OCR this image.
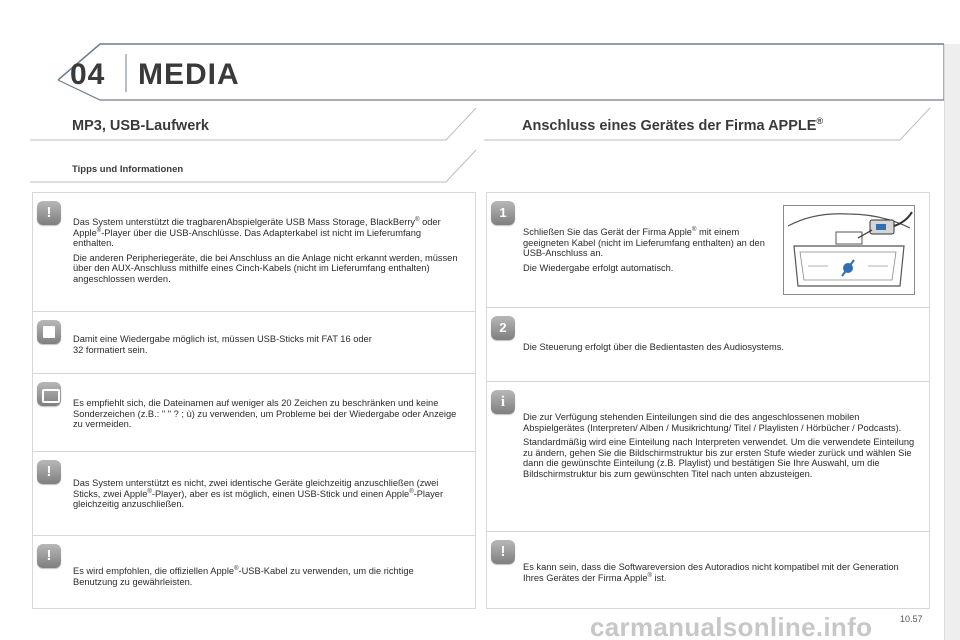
04 MEDIA
MP3, USB-Laufwerk
Tipps und Informationen
Anschluss eines Gerätes der Firma APPLE®
!

Das System unterstützt die tragbarenAbspielgeräte USB Mass Storage, BlackBerry® oder Apple®-Player über die USB-Anschlüsse. Das Adapterkabel ist nicht im Lieferumfang enthalten.

Die anderen Peripheriegeräte, die bei Anschluss an die Anlage nicht erkannt werden, müssen über den AUX-Anschluss mithilfe eines Cinch-Kabels (nicht im Lieferumfang enthalten) angeschlossen werden.

Damit eine Wiedergabe möglich ist, müssen USB-Sticks mit FAT 16 oder 32 formatiert sein.

Es empfiehlt sich, die Dateinamen auf weniger als 20 Zeichen zu beschränken und keine Sonderzeichen (z.B.: " " ? ; ù) zu verwenden, um Probleme bei der Wiedergabe oder Anzeige zu vermeiden.

!

Das System unterstützt es nicht, zwei identische Geräte gleichzeitig anzuschließen (zwei Sticks, zwei Apple®-Player), aber es ist möglich, einen USB-Stick und einen Apple®-Player gleichzeitig anzuschließen.

!

Es wird empfohlen, die offiziellen Apple®-USB-Kabel zu verwenden, um die richtige Benutzung zu gewährleisten.

1

Schließen Sie das Gerät der Firma Apple® mit einem geeigneten Kabel (nicht im Lieferumfang enthalten) an den USB-Anschluss an.

Die Wiedergabe erfolgt automatisch.

2

Die Steuerung erfolgt über die Bedientasten des Audiosystems.

i

Die zur Verfügung stehenden Einteilungen sind die des angeschlossenen mobilen Abspielgerätes (Interpreten/ Alben / Musikrichtung/ Titel / Playlisten / Hörbücher / Podcasts).

Standardmäßig wird eine Einteilung nach Interpreten verwendet. Um die verwendete Einteilung zu ändern, gehen Sie die Bildschirmstruktur bis zur ersten Stufe wieder zurück und wählen Sie dann die gewünschte Einteilung (z.B. Playlist) und bestätigen Sie Ihre Auswahl, um die Bildschirmstruktur bis zum gewünschten Titel nach unten abzusteigen.

!

Es kann sein, dass die Softwareversion des Autoradios nicht kompatibel mit der Generation Ihres Gerätes der Firma Apple® ist.

carmanualsonline.info	10.57
